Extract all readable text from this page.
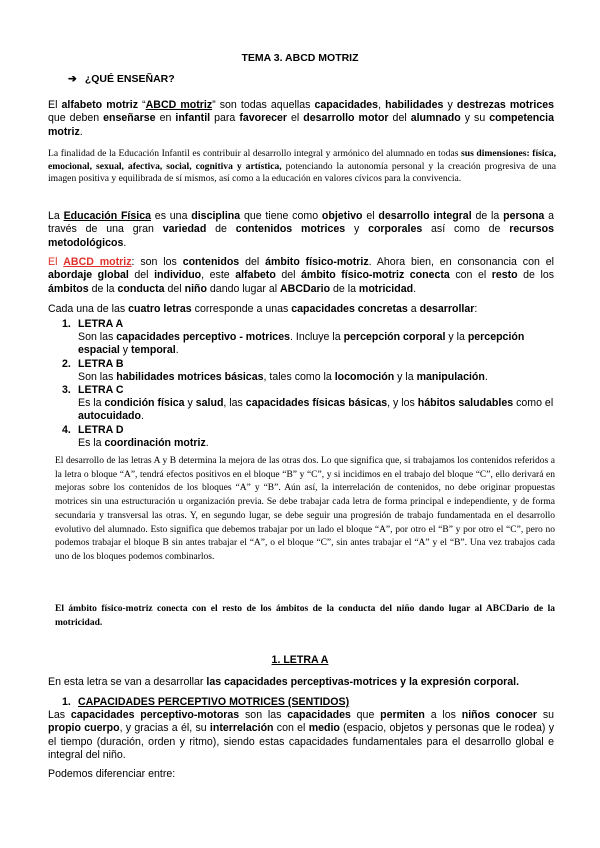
TEMA 3. ABCD MOTRIZ
➔ ¿QUÉ ENSEÑAR?
El alfabeto motriz “ABCD motriz” son todas aquellas capacidades, habilidades y destrezas motrices que deben enseñarse en infantil para favorecer el desarrollo motor del alumnado y su competencia motriz.
La finalidad de la Educación Infantil es contribuir al desarrollo integral y armónico del alumnado en todas sus dimensiones: física, emocional, sexual, afectiva, social, cognitiva y artística, potenciando la autonomía personal y la creación progresiva de una imagen positiva y equilibrada de sí mismos, así como a la educación en valores cívicos para la convivencia.
La Educación Física es una disciplina que tiene como objetivo el desarrollo integral de la persona a través de una gran variedad de contenidos motrices y corporales así como de recursos metodológicos.
El ABCD motriz: son los contenidos del ámbito físico-motriz. Ahora bien, en consonancia con el abordaje global del individuo, este alfabeto del ámbito físico-motriz conecta con el resto de los ámbitos de la conducta del niño dando lugar al ABCDario de la motricidad.
Cada una de las cuatro letras corresponde a unas capacidades concretas a desarrollar:
1. LETRA A
Son las capacidades perceptivo - motrices. Incluye la percepción corporal y la percepción espacial y temporal.
2. LETRA B
Son las habilidades motrices básicas, tales como la locomoción y la manipulación.
3. LETRA C
Es la condición física y salud, las capacidades físicas básicas, y los hábitos saludables como el autocuidado.
4. LETRA D
Es la coordinación motriz.
El desarrollo de las letras A y B determina la mejora de las otras dos. Lo que significa que, si trabajamos los contenidos referidos a la letra o bloque “A”, tendrá efectos positivos en el bloque “B” y “C”, y si incidimos en el trabajo del bloque “C”, ello derivará en mejoras sobre los contenidos de los bloques “A” y “B”. Aún así, la interrelación de contenidos, no debe originar propuestas motrices sin una estructuración u organización previa. Se debe trabajar cada letra de forma principal e independiente, y de forma secundaria y transversal las otras. Y, en segundo lugar, se debe seguir una progresión de trabajo fundamentada en el desarrollo evolutivo del alumnado. Esto significa que debemos trabajar por un lado el bloque “A”, por otro el “B” y por otro el “C”, pero no podemos trabajar el bloque B sin antes trabajar el “A”, o el bloque “C”, sin antes trabajar el “A” y el “B”. Una vez trabajos cada uno de los bloques podemos combinarlos.
El ámbito físico-motriz conecta con el resto de los ámbitos de la conducta del niño dando lugar al ABCDario de la motricidad.
1. LETRA A
En esta letra se van a desarrollar las capacidades perceptivas-motrices y la expresión corporal.
1. CAPACIDADES PERCEPTIVO MOTRICES (SENTIDOS)
Las capacidades perceptivo-motoras son las capacidades que permiten a los niños conocer su propio cuerpo, y gracias a él, su interrelación con el medio (espacio, objetos y personas que le rodea) y el tiempo (duración, orden y ritmo), siendo estas capacidades fundamentales para el desarrollo global e integral del niño.
Podemos diferenciar entre:
